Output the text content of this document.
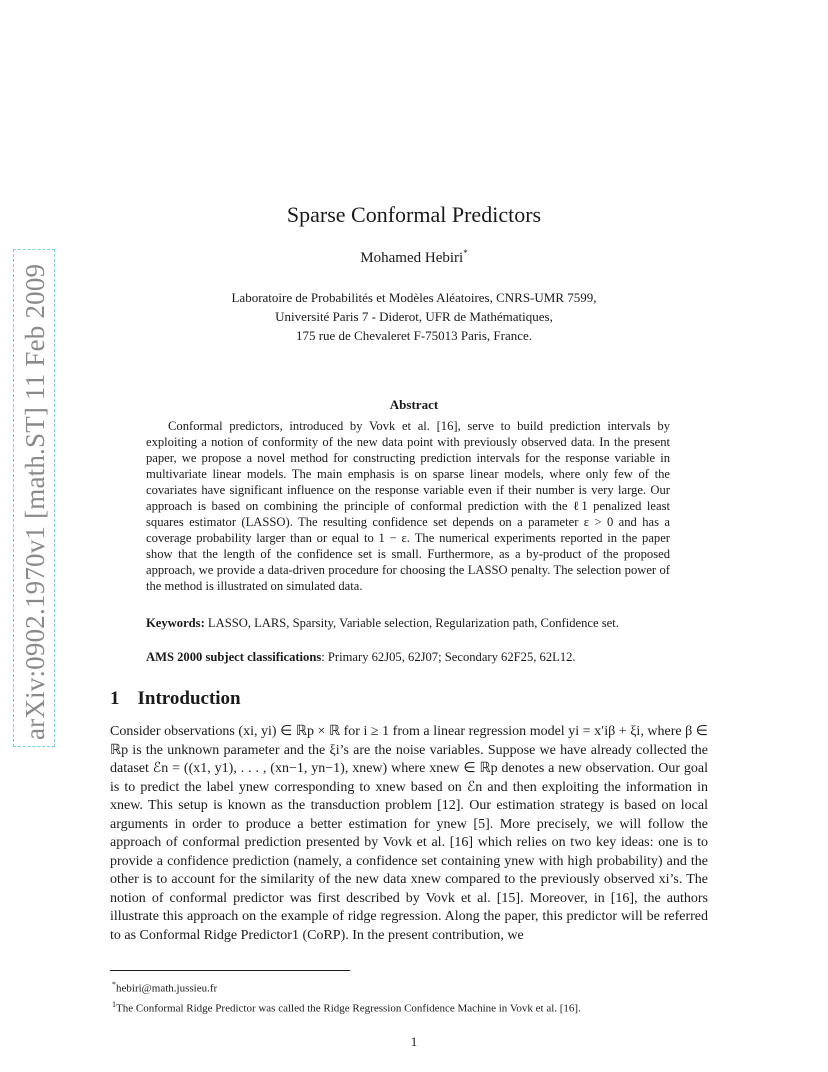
arXiv:0902.1970v1 [math.ST] 11 Feb 2009
Sparse Conformal Predictors
Mohamed Hebiri*
Laboratoire de Probabilités et Modèles Aléatoires, CNRS-UMR 7599,
Université Paris 7 - Diderot, UFR de Mathématiques,
175 rue de Chevaleret F-75013 Paris, France.
Abstract
Conformal predictors, introduced by Vovk et al. [16], serve to build prediction intervals by exploiting a notion of conformity of the new data point with previously observed data. In the present paper, we propose a novel method for constructing prediction intervals for the response variable in multivariate linear models. The main emphasis is on sparse linear models, where only few of the covariates have significant influence on the response variable even if their number is very large. Our approach is based on combining the principle of conformal prediction with the ℓ1 penalized least squares estimator (LASSO). The resulting confidence set depends on a parameter ε > 0 and has a coverage probability larger than or equal to 1 − ε. The numerical experiments reported in the paper show that the length of the confidence set is small. Furthermore, as a by-product of the proposed approach, we provide a data-driven procedure for choosing the LASSO penalty. The selection power of the method is illustrated on simulated data.
Keywords: LASSO, LARS, Sparsity, Variable selection, Regularization path, Confidence set.
AMS 2000 subject classifications: Primary 62J05, 62J07; Secondary 62F25, 62L12.
1 Introduction
Consider observations (xi, yi) ∈ ℝp × ℝ for i ≥ 1 from a linear regression model yi = x′iβ + ξi, where β ∈ ℝp is the unknown parameter and the ξi’s are the noise variables. Suppose we have already collected the dataset ℰn = ((x1, y1), . . . , (xn−1, yn−1), xnew) where xnew ∈ ℝp denotes a new observation. Our goal is to predict the label ynew corresponding to xnew based on ℰn and then exploiting the information in xnew. This setup is known as the transduction problem [12]. Our estimation strategy is based on local arguments in order to produce a better estimation for ynew [5]. More precisely, we will follow the approach of conformal prediction presented by Vovk et al. [16] which relies on two key ideas: one is to provide a confidence prediction (namely, a confidence set containing ynew with high probability) and the other is to account for the similarity of the new data xnew compared to the previously observed xi’s. The notion of conformal predictor was first described by Vovk et al. [15]. Moreover, in [16], the authors illustrate this approach on the example of ridge regression. Along the paper, this predictor will be referred to as Conformal Ridge Predictor1 (CoRP). In the present contribution, we
*hebiri@math.jussieu.fr
$^1$The Conformal Ridge Predictor was called the Ridge Regression Confidence Machine in Vovk et al. [16].
1
